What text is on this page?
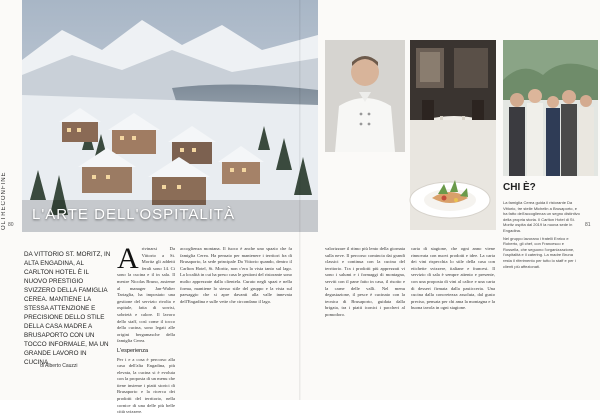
L'ARTE DELL'OSPITALITÀ
OLTRECONFINE 80	81
DA VITTORIO ST. MORITZ, IN ALTA ENGADINA, AL CARLTON HOTEL È IL NUOVO PRESTIGIO SVIZZERO DELLA FAMIGLIA CEREA. MANTIENE LA STESSA ATTENZIONE E PRECISIONE DELLO STILE DELLA CASA MADRE A BRUSAPORTO CON UN TOCCO INFORMALE, MA UN GRANDE LAVORO IN CUCINA
di Alberto Cauzzi
A rivinarsi Da Vittorio a St. Moritz gli addetti ferali sono 14. Ci sono la cucina e il in sala. Il mestre Nicolas Bruno, assieme al manager Jan-Walter Tartaglia, ha impostato una gestione del servizio rivolta e ospitale, fatta di sorrisi, sobrietà e calore. Il lavoro dello staff, così come il tocco della cucina, sono legati alle origini bergamasche della famiglia Cerea.

L'esperienza

Per i e a cosa è percorso alla casa dell'alta Engadina, più elevata, la cucina si è evoluta con la proposta di un menu che tiene insieme i piatti storici di Brusaporto e la ricerca dei prodotti del territorio, nella cornice di una delle più belle città svizzere.

accoglienza montana. Il fuoco è anche uno spazio che fa famiglia Cerea. Ha pensato per mantenere i territori fra di Brusaporto, la sede principale Da Vittorio quando, dentro il Carlton Hotel, St. Moritz, non c'era la vista tanto sul lago. La località in cui ha preso casa le gestioni del ristorante sono molto apprezzate dalla clientela. Curato negli spazi e nella forma, mantiene lo stesso stile del gruppo e la vista sul paesaggio che si apre davanti alla valle innevata dell'Engadina e sulle vette che circondano il lago.

valorizzare il ritmo più lento della giornata sulla neve. Il percorso comincia dai grandi classici e continua con la cucina del territorio. Tra i prodotti più apprezzati vi sono i salumi e i formaggi di montagna, serviti con il pane fatto in casa, il risotto e la carne delle valli. Nel menu degustazione, il pesce è cucinato con la tecnica di Brusaporto, guidata dalla brigata, tra i piatti iconici i paccheri al pomodoro.

carta di stagione, che ogni anno viene rinnovata con nuovi prodotti e idee. La carta dei vini rispecchia lo stile della casa con etichette svizzere, italiane e francesi. Il servizio di sala è sempre attento e presente, con una proposta di vini al calice e una carta di dessert firmata dalla pasticceria. Una cucina dalla concretezza assoluta, dal gusto preciso, pensata per chi ama la montagna e la buona tavola in ogni stagione.

CHI È?

La famiglia Cerea guida il ristorante Da Vittorio, tre stelle Michelin a Brusaporto, e ha fatto dell'accoglienza un segno distintivo della propria storia. Il Carlton Hotel di St. Moritz ospita dal 2019 la nuova sede in Engadina.

Nel gruppo lavorano i fratelli Enrico e Roberto, gli chef, con Francesco e Rossella, che seguono l'organizzazione, l'ospitalità e il catering. La madre Bruna resta il riferimento per tutto lo staff e per i clienti più affezionati.
